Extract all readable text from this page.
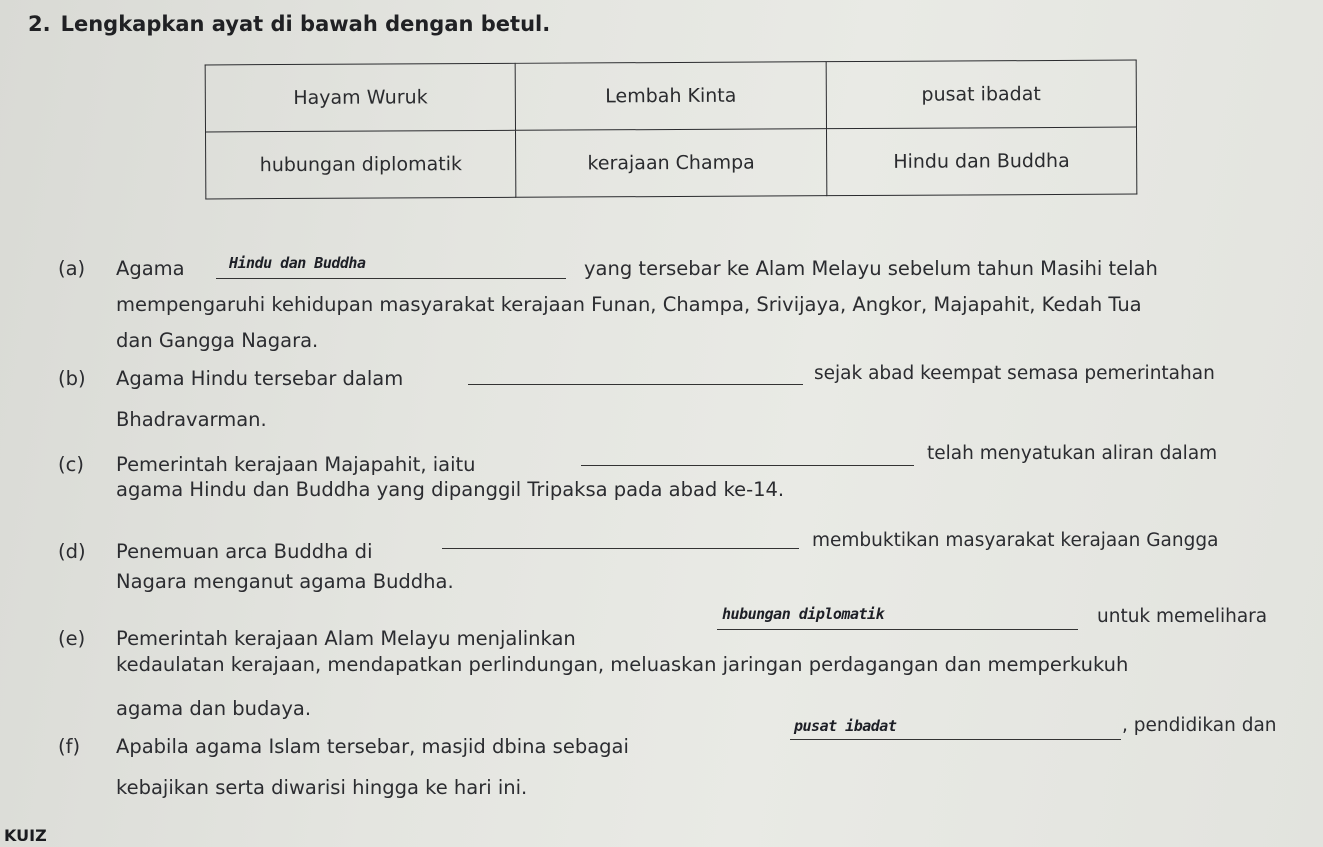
2. Lengkapkan ayat di bawah dengan betul.
Hayam Wuruk	Lembah Kinta	pusat ibadat
hubungan diplomatik	kerajaan Champa	Hindu dan Buddha
(a) Agama	Hindu dan Buddha	yang tersebar ke Alam Melayu sebelum tahun Masihi telah
mempengaruhi kehidupan masyarakat kerajaan Funan, Champa, Srivijaya, Angkor, Majapahit, Kedah Tua
dan Gangga Nagara.
(b) Agama Hindu tersebar dalam	sejak abad keempat semasa pemerintahan
Bhadravarman.
(c) Pemerintah kerajaan Majapahit, iaitu	telah menyatukan aliran dalam
agama Hindu dan Buddha yang dipanggil Tripaksa pada abad ke-14.
(d) Penemuan arca Buddha di	membuktikan masyarakat kerajaan Gangga
Nagara menganut agama Buddha.
(e) Pemerintah kerajaan Alam Melayu menjalinkan
hubungan diplomatik	untuk memelihara
kedaulatan kerajaan, mendapatkan perlindungan, meluaskan jaringan perdagangan dan memperkukuh
agama dan budaya.
(f) Apabila agama Islam tersebar, masjid dbina sebagai
pusat ibadat	, pendidikan dan
kebajikan serta diwarisi hingga ke hari ini.
KUIZ
